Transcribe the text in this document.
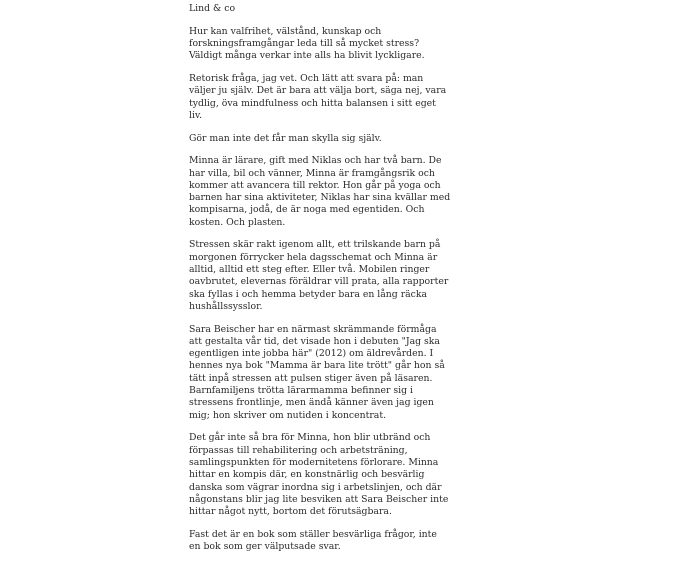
Lind & co

Hur kan valfrihet, välstånd, kunskap och forskningsframgångar leda till så mycket stress? Väldigt många verkar inte alls ha blivit lyckligare.

Retorisk fråga, jag vet. Och lätt att svara på: man väljer ju själv. Det är bara att välja bort, säga nej, vara tydlig, öva mindfulness och hitta balansen i sitt eget liv.

Gör man inte det får man skylla sig själv.

Minna är lärare, gift med Niklas och har två barn. De har villa, bil och vänner, Minna är framgångsrik och kommer att avancera till rektor. Hon går på yoga och barnen har sina aktiviteter, Niklas har sina kvällar med kompisarna, jodå, de är noga med egentiden. Och kosten. Och plasten.

Stressen skär rakt igenom allt, ett trilskande barn på morgonen förrycker hela dagsschemat och Minna är alltid, alltid ett steg efter. Eller två. Mobilen ringer oavbrutet, elevernas föräldrar vill prata, alla rapporter ska fyllas i och hemma betyder bara en lång räcka hushållssysslor.

Sara Beischer har en närmast skrämmande förmåga att gestalta vår tid, det visade hon i debuten "Jag ska egentligen inte jobba här" (2012) om äldrevården. I hennes nya bok "Mamma är bara lite trött" går hon så tätt inpå stressen att pulsen stiger även på läsaren. Barnfamiljens trötta lärarmamma befinner sig i stressens frontlinje, men ändå känner även jag igen mig; hon skriver om nutiden i koncentrat.

Det går inte så bra för Minna, hon blir utbränd och förpassas till rehabilitering och arbetsträning, samlingspunkten för modernitetens förlorare. Minna hittar en kompis där, en konstnärlig och besvärlig danska som vägrar inordna sig i arbetslinjen, och där någonstans blir jag lite besviken att Sara Beischer inte hittar något nytt, bortom det förutsägbara.

Fast det är en bok som ställer besvärliga frågor, inte en bok som ger välputsade svar.
